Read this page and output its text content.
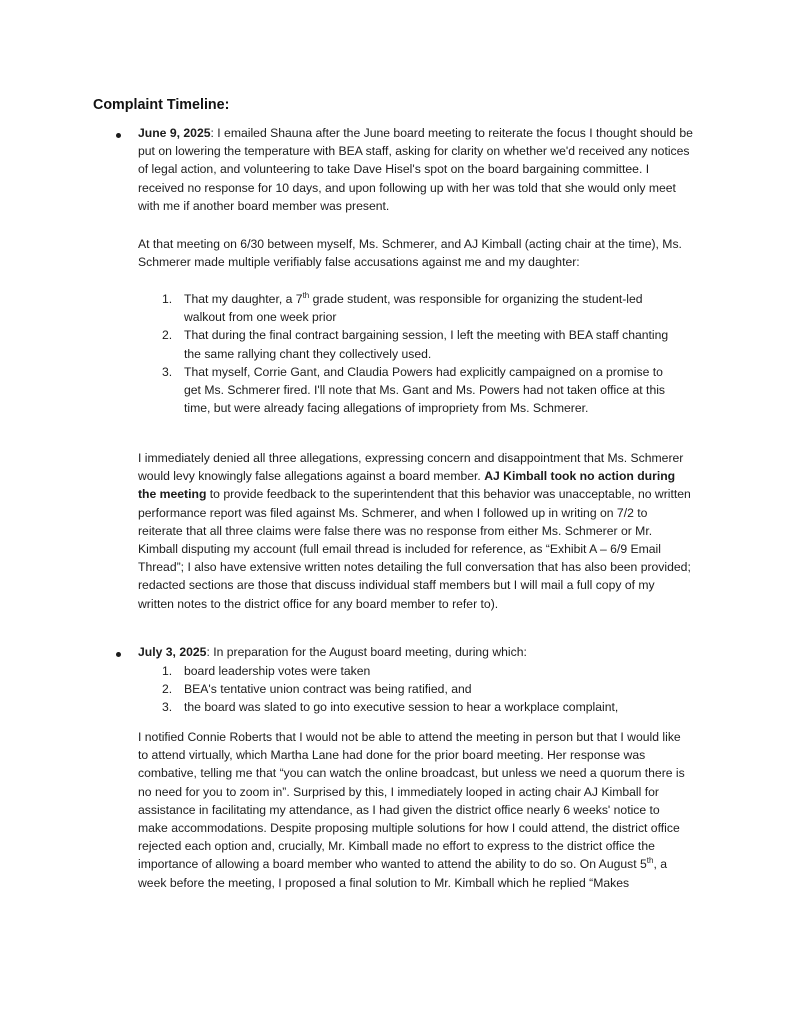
Complaint Timeline:

June 9, 2025: I emailed Shauna after the June board meeting to reiterate the focus I thought should be put on lowering the temperature with BEA staff, asking for clarity on whether we'd received any notices of legal action, and volunteering to take Dave Hisel's spot on the board bargaining committee. I received no response for 10 days, and upon following up with her was told that she would only meet with me if another board member was present.

At that meeting on 6/30 between myself, Ms. Schmerer, and AJ Kimball (acting chair at the time), Ms. Schmerer made multiple verifiably false accusations against me and my daughter:

1. That my daughter, a 7th grade student, was responsible for organizing the student-led walkout from one week prior
2. That during the final contract bargaining session, I left the meeting with BEA staff chanting the same rallying chant they collectively used.
3. That myself, Corrie Gant, and Claudia Powers had explicitly campaigned on a promise to get Ms. Schmerer fired. I'll note that Ms. Gant and Ms. Powers had not taken office at this time, but were already facing allegations of impropriety from Ms. Schmerer.

I immediately denied all three allegations, expressing concern and disappointment that Ms. Schmerer would levy knowingly false allegations against a board member. AJ Kimball took no action during the meeting to provide feedback to the superintendent that this behavior was unacceptable, no written performance report was filed against Ms. Schmerer, and when I followed up in writing on 7/2 to reiterate that all three claims were false there was no response from either Ms. Schmerer or Mr. Kimball disputing my account (full email thread is included for reference, as “Exhibit A – 6/9 Email Thread”; I also have extensive written notes detailing the full conversation that has also been provided; redacted sections are those that discuss individual staff members but I will mail a full copy of my written notes to the district office for any board member to refer to).

July 3, 2025: In preparation for the August board meeting, during which:

1. board leadership votes were taken
2. BEA's tentative union contract was being ratified, and
3. the board was slated to go into executive session to hear a workplace complaint,

I notified Connie Roberts that I would not be able to attend the meeting in person but that I would like to attend virtually, which Martha Lane had done for the prior board meeting. Her response was combative, telling me that “you can watch the online broadcast, but unless we need a quorum there is no need for you to zoom in”. Surprised by this, I immediately looped in acting chair AJ Kimball for assistance in facilitating my attendance, as I had given the district office nearly 6 weeks' notice to make accommodations. Despite proposing multiple solutions for how I could attend, the district office rejected each option and, crucially, Mr. Kimball made no effort to express to the district office the importance of allowing a board member who wanted to attend the ability to do so. On August 5th, a week before the meeting, I proposed a final solution to Mr. Kimball which he replied “Makes
